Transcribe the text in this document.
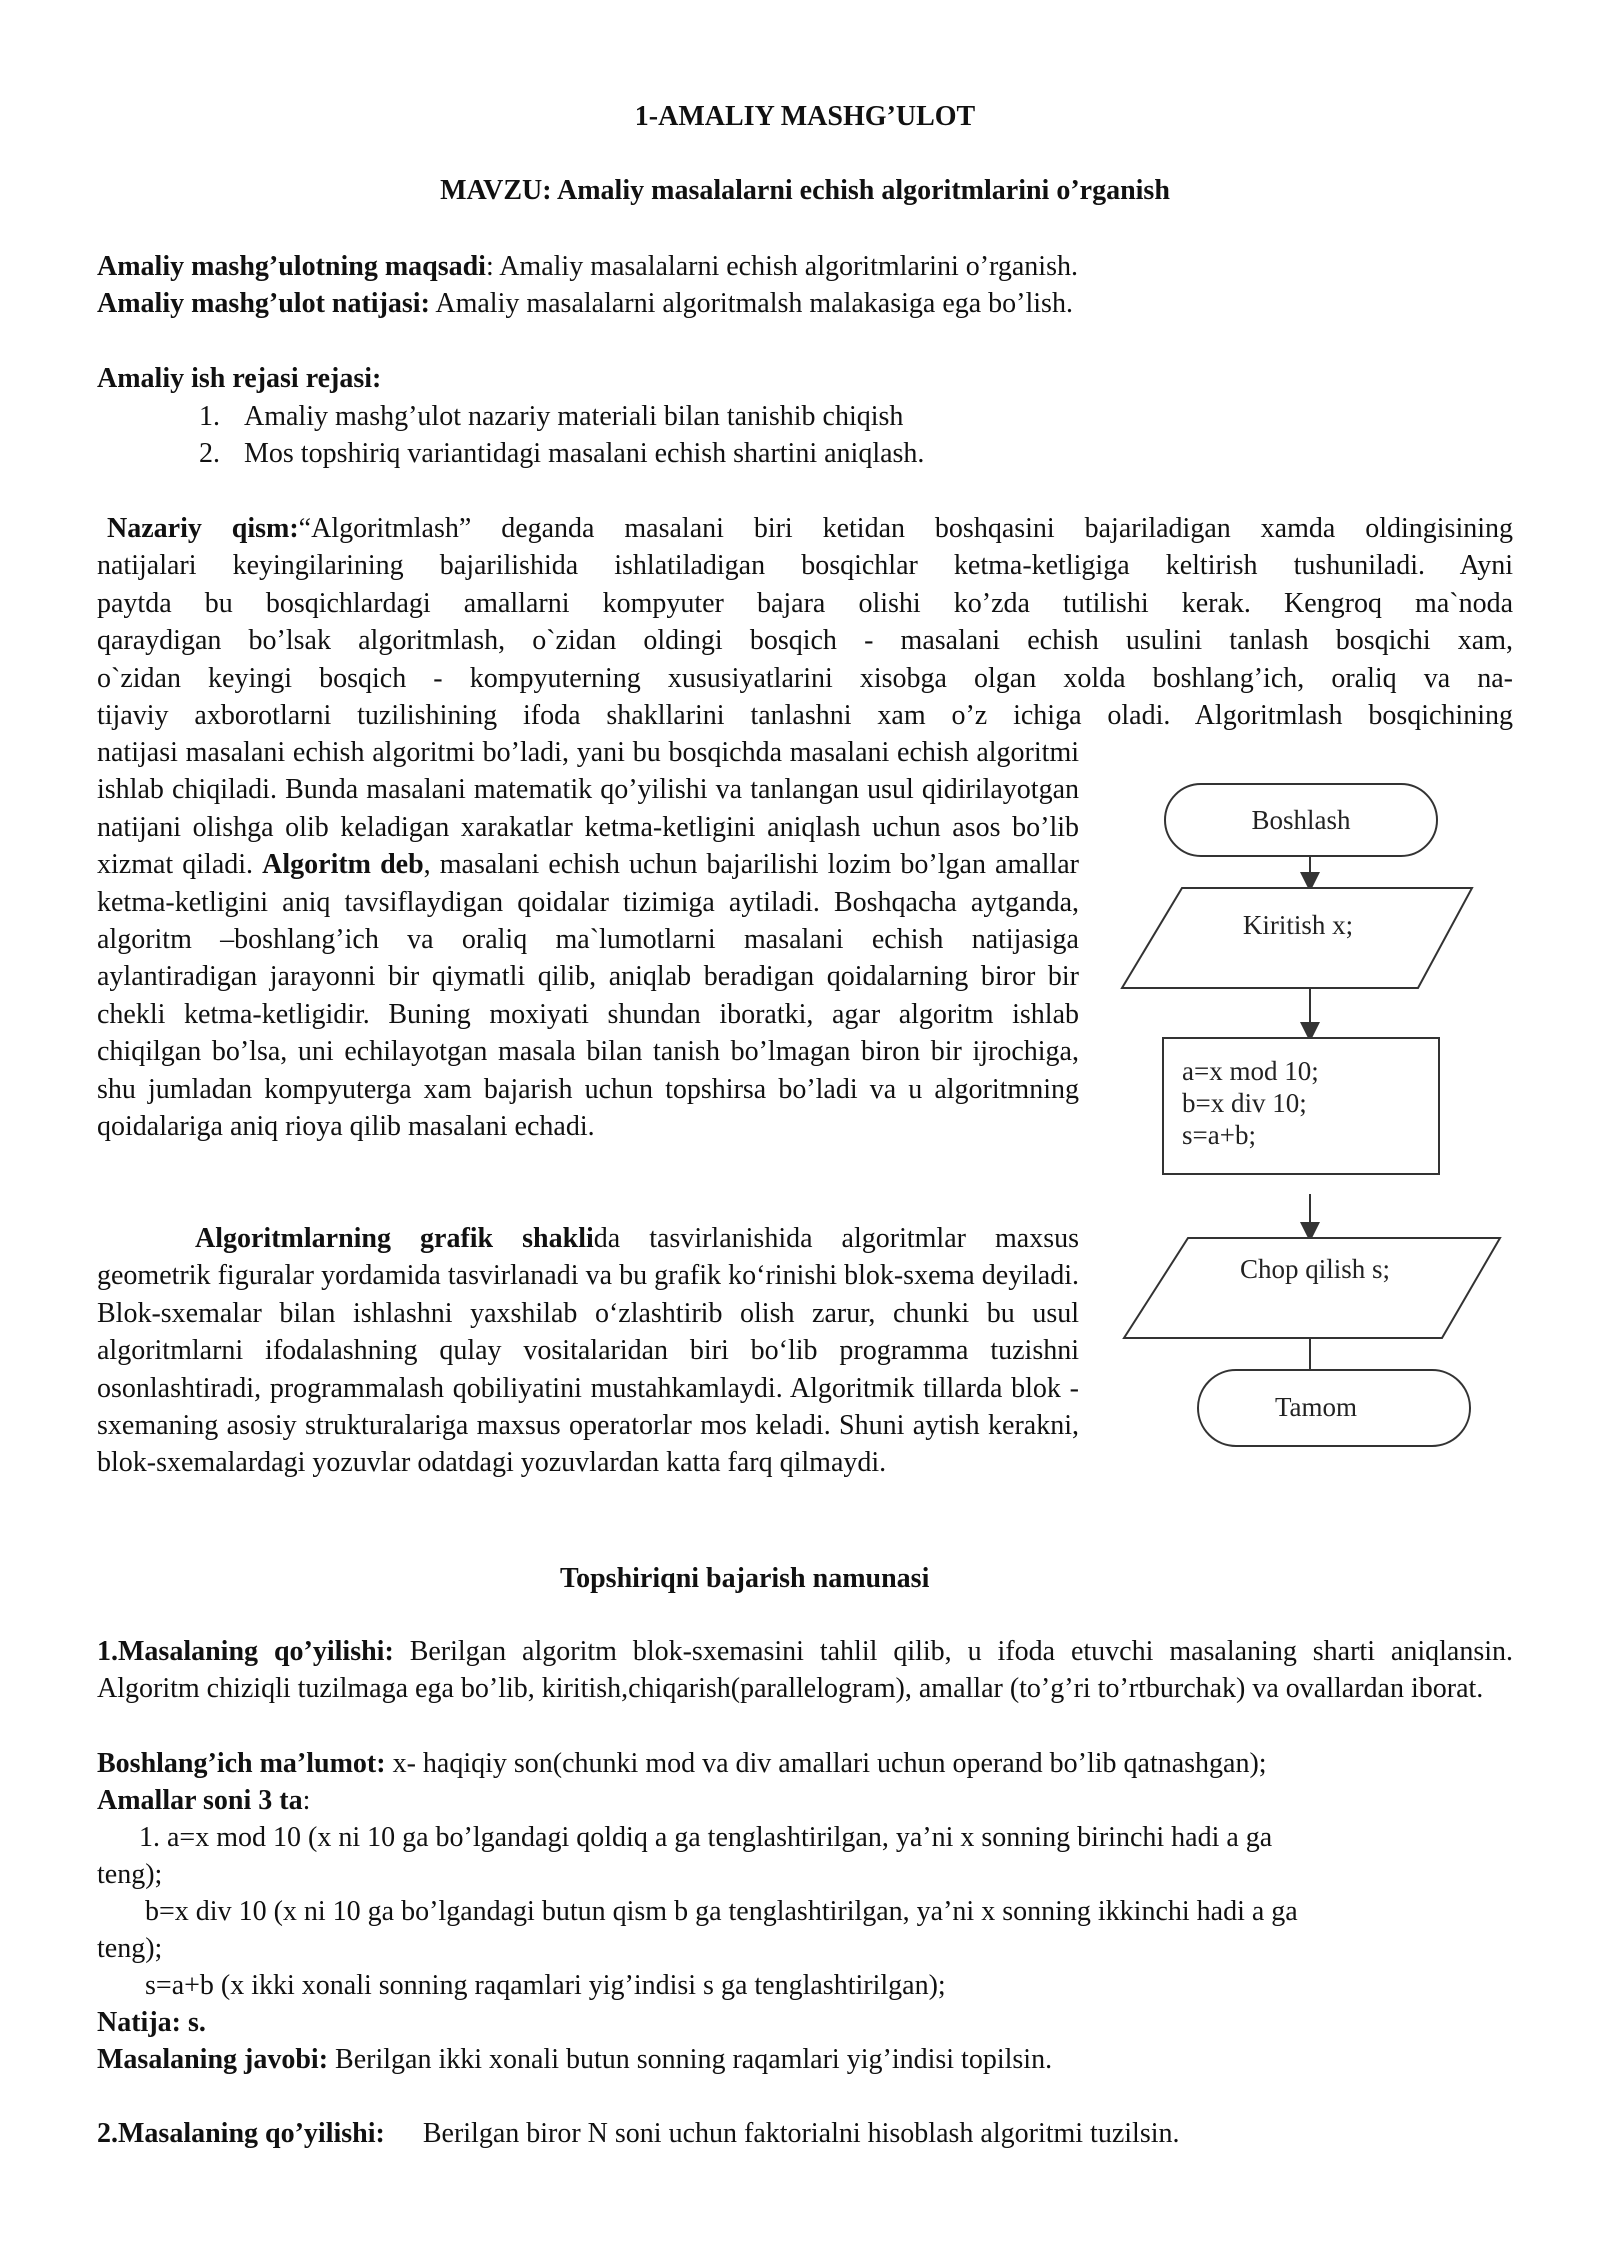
1-AMALIY MASHG’ULOT
MAVZU: Amaliy masalalarni echish algoritmlarini o’rganish
Amaliy mashg’ulotning maqsadi: Amaliy masalalarni echish algoritmlarini o’rganish.
Amaliy mashg’ulot natijasi: Amaliy masalalarni algoritmalsh malakasiga ega bo’lish.
Amaliy ish rejasi rejasi:
1. Amaliy mashg’ulot nazariy materiali bilan tanishib chiqish
2. Mos topshiriq variantidagi masalani echish shartini aniqlash.
Nazariy qism:“Algoritmlash” deganda masalani biri ketidan boshqasini bajariladigan xamda oldingisining
natijalari keyingilarining bajarilishida ishlatiladigan bosqichlar ketma-ketligiga keltirish tushuniladi. Ayni
paytda bu bosqichlardagi amallarni kompyuter bajara olishi ko’zda tutilishi kerak. Kengroq ma`noda
qaraydigan bo’lsak algoritmlash, o`zidan oldingi bosqich - masalani echish usulini tanlash bosqichi xam,
o`zidan keyingi bosqich - kompyuterning xususiyatlarini xisobga olgan xolda boshlang’ich, oraliq va na-
tijaviy axborotlarni tuzilishining ifoda shakllarini tanlashni xam o’z ichiga oladi. Algoritmlash bosqichining
natijasi masalani echish algoritmi bo’ladi, yani bu bosqichda masalani echish algoritmi ishlab chiqiladi. Bunda masalani matematik qo’yilishi va tanlangan usul qidirilayotgan natijani olishga olib keladigan xarakatlar ketma-ketligini aniqlash uchun asos bo’lib xizmat qiladi. Algoritm deb, masalani echish uchun bajarilishi lozim bo’lgan amallar ketma-ketligini aniq tavsiflaydigan qoidalar tizimiga aytiladi. Boshqacha aytganda, algoritm –boshlang’ich va oraliq ma`lumotlarni masalani echish natijasiga aylantiradigan jarayonni bir qiymatli qilib, aniqlab beradigan qoidalarning biror bir chekli ketma-ketligidir. Buning moxiyati shundan iboratki, agar algoritm ishlab chiqilgan bo’lsa, uni echilayotgan masala bilan tanish bo’lmagan biron bir ijrochiga, shu jumladan kompyuterga xam bajarish uchun topshirsa bo’ladi va u algoritmning qoidalariga aniq rioya qilib masalani echadi.
Algoritmlarning grafik shaklida tasvirlanishida algoritmlar maxsus geometrik figuralar yordamida tasvirlanadi va bu grafik ko‘rinishi blok-sxema deyiladi. Blok-sxemalar bilan ishlashni yaxshilab o‘zlashtirib olish zarur, chunki bu usul algoritmlarni ifodalashning qulay vositalaridan biri bo‘lib programma tuzishni osonlashtiradi, programmalash qobiliyatini mustahkamlaydi. Algoritmik tillarda blok - sxemaning asosiy strukturalariga maxsus operatorlar mos keladi. Shuni aytish kerakni, blok-sxemalardagi yozuvlar odatdagi yozuvlardan katta farq qilmaydi.
Boshlash
Kiritish x;
a=x mod 10;
b=x div 10;
s=a+b;
Chop qilish s;
Tamom
Topshiriqni bajarish namunasi
1.Masalaning qo’yilishi: Berilgan algoritm blok-sxemasini tahlil qilib, u ifoda etuvchi masalaning sharti aniqlansin. Algoritm chiziqli tuzilmaga ega bo’lib, kiritish,chiqarish(parallelogram), amallar (to’g’ri to’rtburchak) va ovallardan iborat.
Boshlang’ich ma’lumot: x- haqiqiy son(chunki mod va div amallari uchun operand bo’lib qatnashgan);
Amallar soni 3 ta:
1. a=x mod 10 (x ni 10 ga bo’lgandagi qoldiq a ga tenglashtirilgan, ya’ni x sonning birinchi hadi a ga
teng);
b=x div 10 (x ni 10 ga bo’lgandagi butun qism b ga tenglashtirilgan, ya’ni x sonning ikkinchi hadi a ga
teng);
s=a+b (x ikki xonali sonning raqamlari yig’indisi s ga tenglashtirilgan);
Natija: s.
Masalaning javobi: Berilgan ikki xonali butun sonning raqamlari yig’indisi topilsin.
2.Masalaning qo’yilishi: Berilgan biror N soni uchun faktorialni hisoblash algoritmi tuzilsin.
